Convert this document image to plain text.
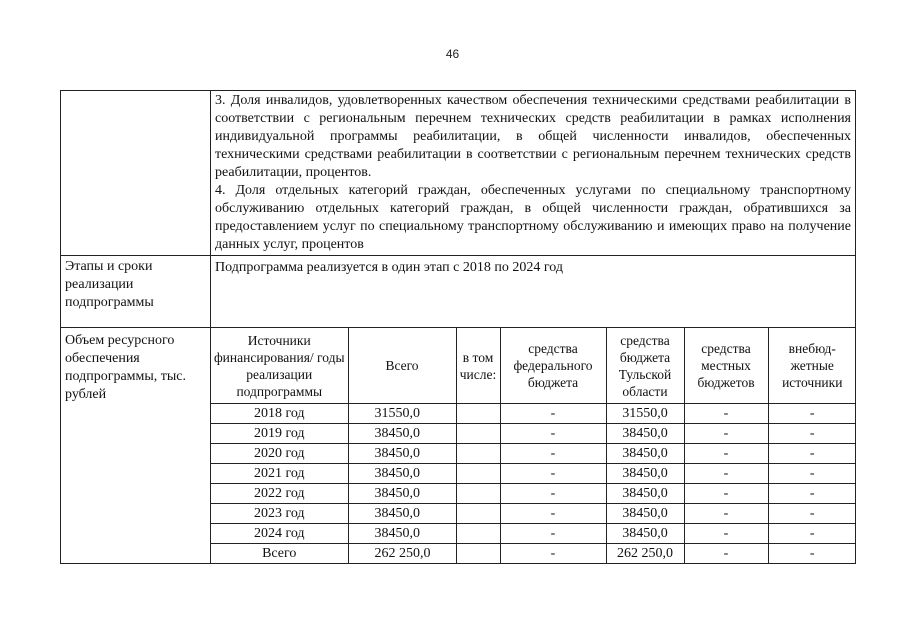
46

3. Доля инвалидов, удовлетворенных качеством обеспечения техническими средствами реабилитации в соответствии с региональным перечнем технических средств реабилитации в рамках исполнения индивидуальной программы реабилитации, в общей численности инвалидов, обеспеченных техническими средствами реабилитации в соответствии с региональным перечнем технических средств реабилитации, процентов.

4. Доля отдельных категорий граждан, обеспеченных услугами по специальному транспортному обслуживанию отдельных категорий граждан, в общей численности граждан, обратившихся за предоставлением услуг по специальному транспортному обслуживанию и имеющих право на получение данных услуг, процентов

Этапы и сроки реализации подпрограммы	Подпрограмма реализуется в один этап с 2018 по 2024 год
Объем ресурсного обеспечения подпрограммы, тыс. рублей	
Источники финансирования/ годы реализации подпрограммы	Всего	в том числе:	средства федерального бюджета	средства бюджета Тульской области	средства местных бюджетов	внебюд-жетные источники
2018 год	31550,0		-	31550,0	-	-
2019 год	38450,0		-	38450,0	-	-
2020 год	38450,0		-	38450,0	-	-
2021 год	38450,0		-	38450,0	-	-
2022 год	38450,0		-	38450,0	-	-
2023 год	38450,0		-	38450,0	-	-
2024 год	38450,0		-	38450,0	-	-
Всего	262 250,0		-	262 250,0	-	-
